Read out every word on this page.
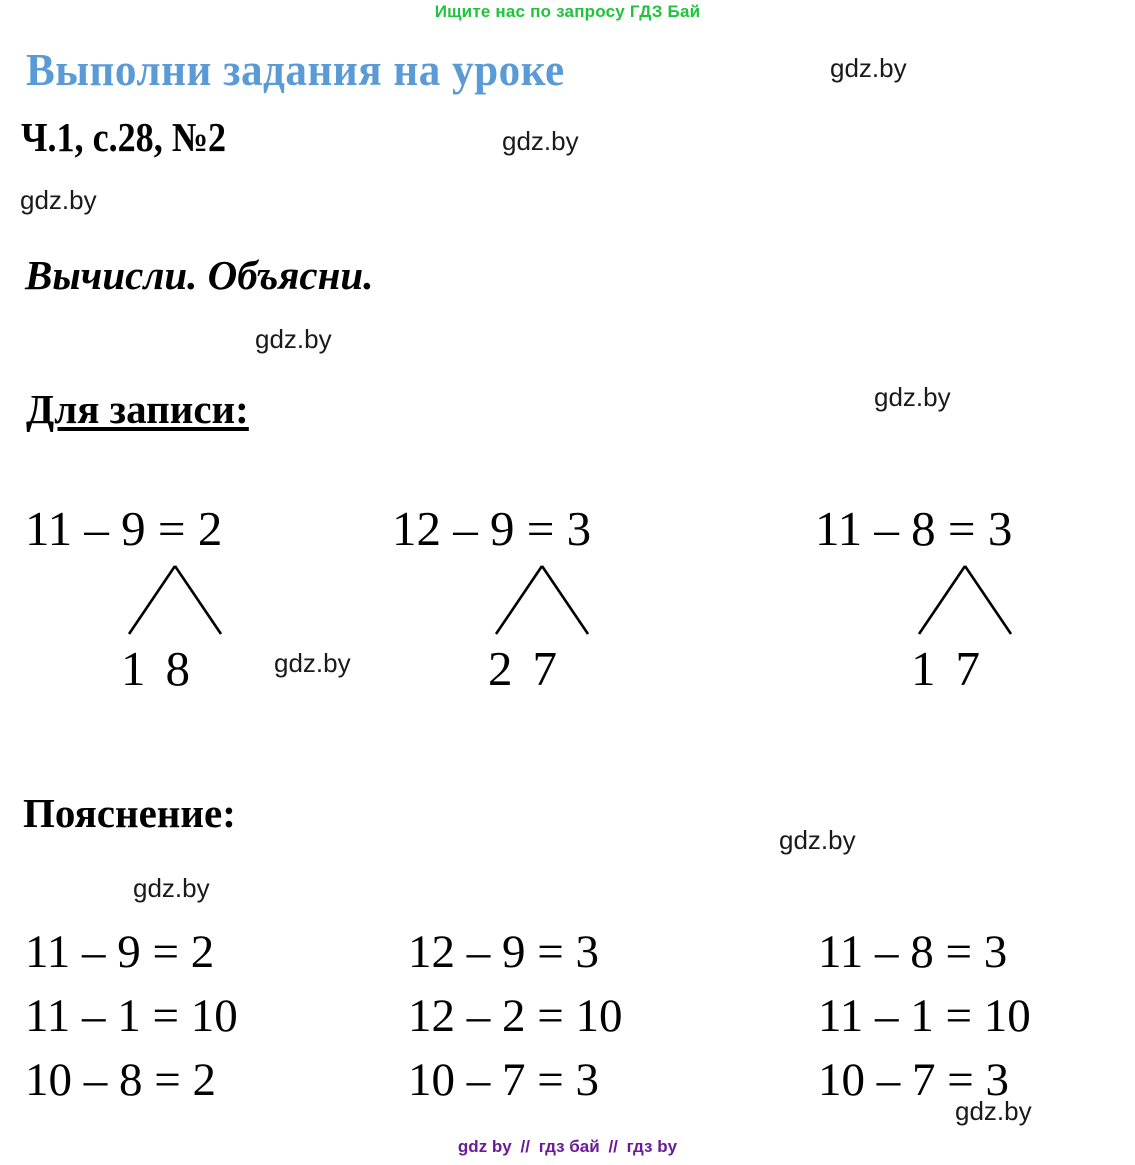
Ищите нас по запросу ГДЗ Бай
Выполни задания на уроке
Ч.1, с.28, №2
Вычисли. Объясни.
Для записи:
Пояснение:
11 – 9 = 2
1 8
12 – 9 = 3
2 7
11 – 8 = 3
1 7
11 – 9 = 2
11 – 1 = 10
10 – 8 = 2
12 – 9 = 3
12 – 2 = 10
10 – 7 = 3
11 – 8 = 3
11 – 1 = 10
10 – 7 = 3
gdz.by
gdz.by
gdz.by
gdz.by
gdz.by
gdz.by
gdz.by
gdz.by
gdz.by
gdz by // гдз бай // гдз by
